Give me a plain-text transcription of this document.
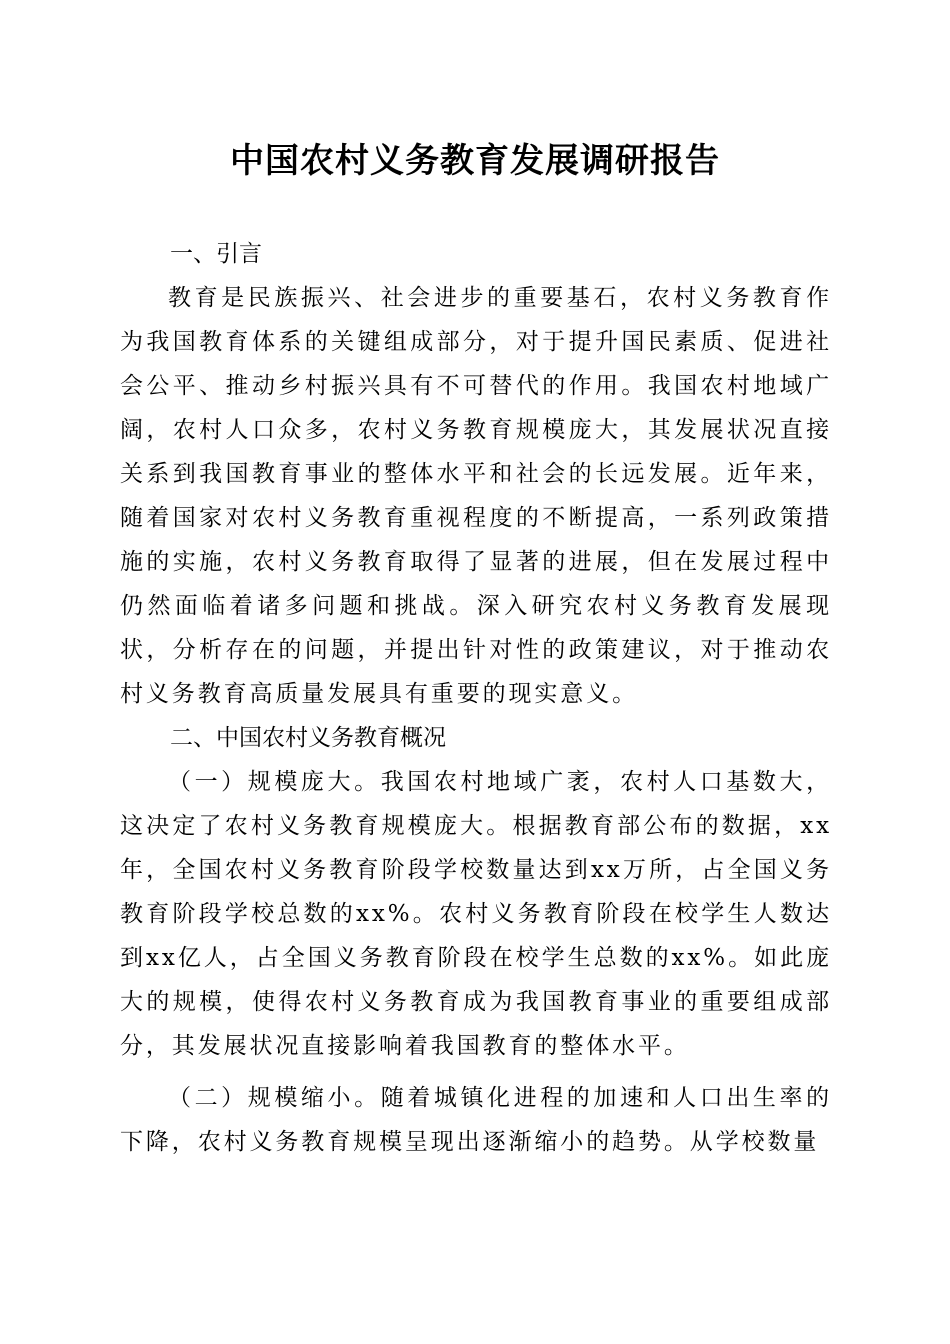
中国农村义务教育发展调研报告
一、引言

教育是民族振兴、社会进步的重要基石，农村义务教育作为我国教育体系的关键组成部分，对于提升国民素质、促进社会公平、推动乡村振兴具有不可替代的作用。我国农村地域广阔，农村人口众多，农村义务教育规模庞大，其发展状况直接关系到我国教育事业的整体水平和社会的长远发展。近年来，随着国家对农村义务教育重视程度的不断提高，一系列政策措施的实施，农村义务教育取得了显著的进展，但在发展过程中仍然面临着诸多问题和挑战。深入研究农村义务教育发展现状，分析存在的问题，并提出针对性的政策建议，对于推动农村义务教育高质量发展具有重要的现实意义。

二、中国农村义务教育概况

（一）规模庞大。我国农村地域广袤，农村人口基数大，这决定了农村义务教育规模庞大。根据教育部公布的数据，xx年，全国农村义务教育阶段学校数量达到xx万所，占全国义务教育阶段学校总数的xx%。农村义务教育阶段在校学生人数达到xx亿人，占全国义务教育阶段在校学生总数的xx%。如此庞大的规模，使得农村义务教育成为我国教育事业的重要组成部分，其发展状况直接影响着我国教育的整体水平。

（二）规模缩小。随着城镇化进程的加速和人口出生率的下降，农村义务教育规模呈现出逐渐缩小的趋势。从学校数量
